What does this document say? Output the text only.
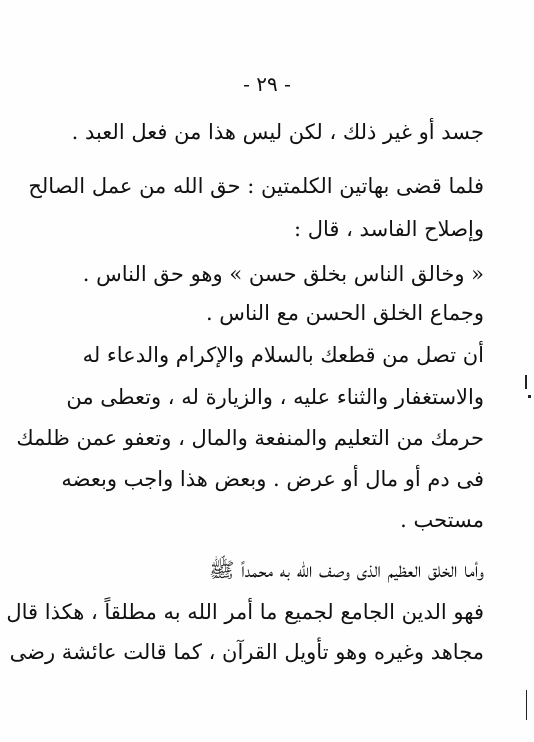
- ٢٩ -
جسد أو غير ذلك ، لكن ليس هذا من فعل العبد .
فلما قضى بهاتين الكلمتين : حق الله من عمل الصالح
وإصلاح الفاسد ، قال :
« وخالق الناس بخلق حسن » وهو حق الناس .
وجماع الخلق الحسن مع الناس .
أن تصل من قطعك بالسلام والإكرام والدعاء له
والاستغفار والثناء عليه ، والزيارة له ، وتعطى من
حرمك من التعليم والمنفعة والمال ، وتعفو عمن ظلمك
فى دم أو مال أو عرض . وبعض هذا واجب وبعضه
مستحب .
وأما الخلق العظيم الذى وصف الله به محمداً ﷺ
فهو الدين الجامع لجميع ما أمر الله به مطلقاً ، هكذا قال
مجاهد وغيره وهو تأويل القرآن ، كما قالت عائشة رضى
